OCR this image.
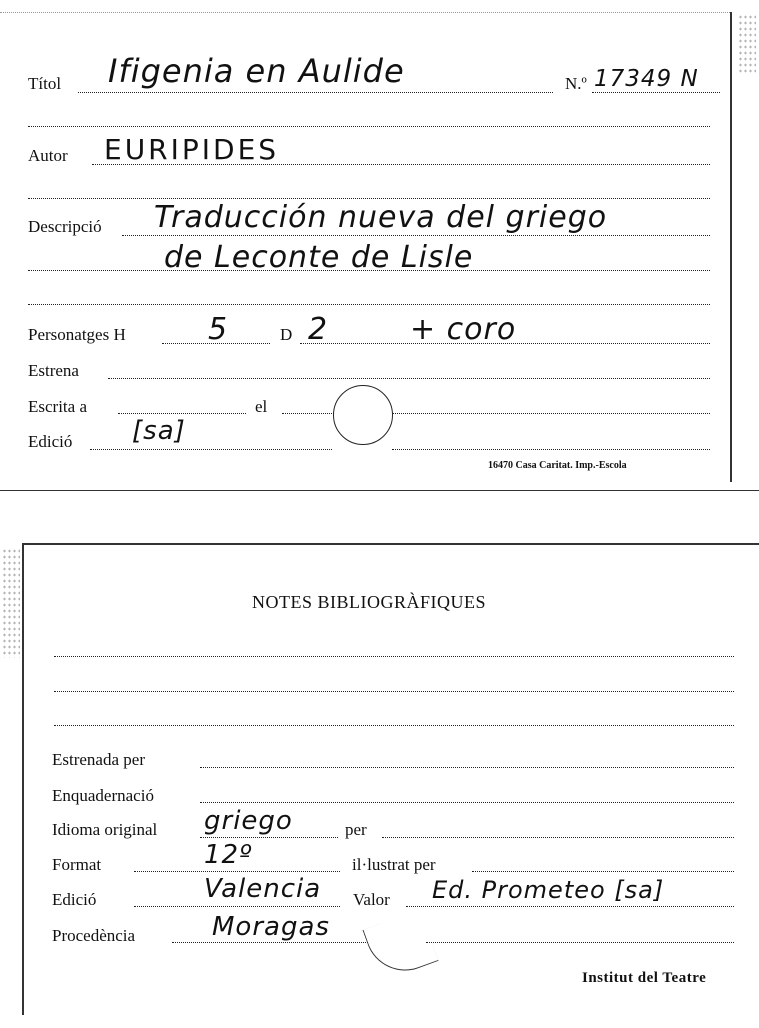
Títol Ifigenia en Aulide	N.º 17349 N
Autor EURIPIDES
Descripció Traducción nueva del griego
de Leconte de Lisle
Personatges H	5	D 2	+ coro
Estrena
Escrita a	el
Edició [sa]
16470 Casa Caritat. Imp.-Escola
NOTES BIBLIOGRÀFIQUES
Estrenada per
Enquadernació
Idioma original griego	per
Format	12º	il·lustrat per
Edició	Valencia Valor Ed. Prometeo [sa]
Procedència	Moragas
Institut del Teatre
